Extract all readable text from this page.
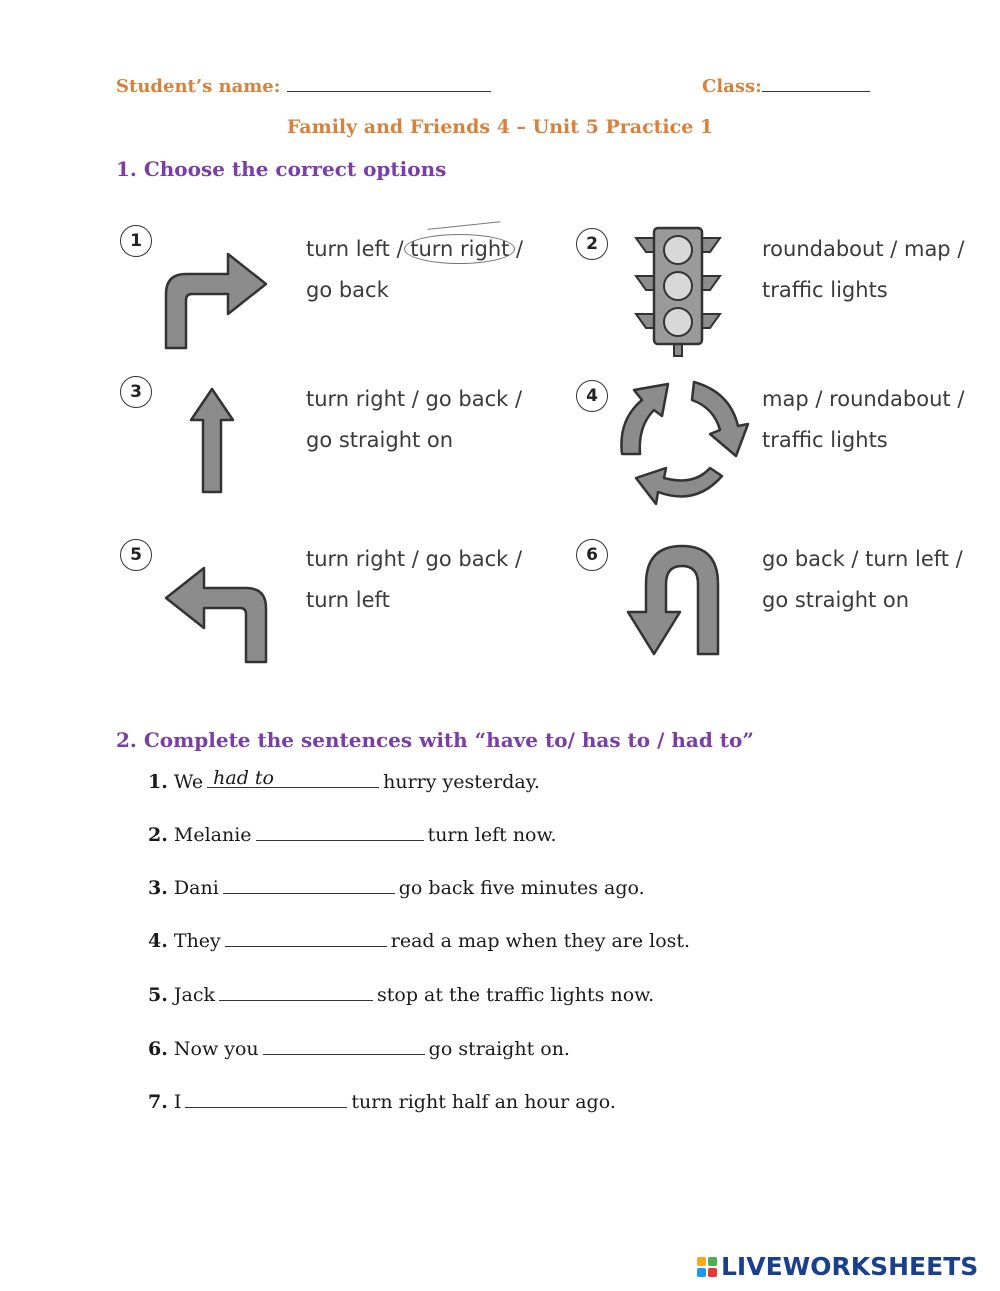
Student’s name:	Class:
Family and Friends 4 – Unit 5 Practice 1
1. Choose the correct options
1	turn left / turn right /
go back
2	roundabout / map /
traffic lights
3	turn right / go back /
go straight on
4	map / roundabout /
traffic lights
5	turn right / go back /
turn left
6	go back / turn left /
go straight on
2. Complete the sentences with “have to/ has to / had to”
1. We had to	hurry yesterday.
2. Melanie	turn left now.
3. Dani	go back five minutes ago.
4. They	read a map when they are lost.
5. Jack	stop at the traffic lights now.
6. Now you	go straight on.
7. I	turn right half an hour ago.
LIVEWORKSHEETS
